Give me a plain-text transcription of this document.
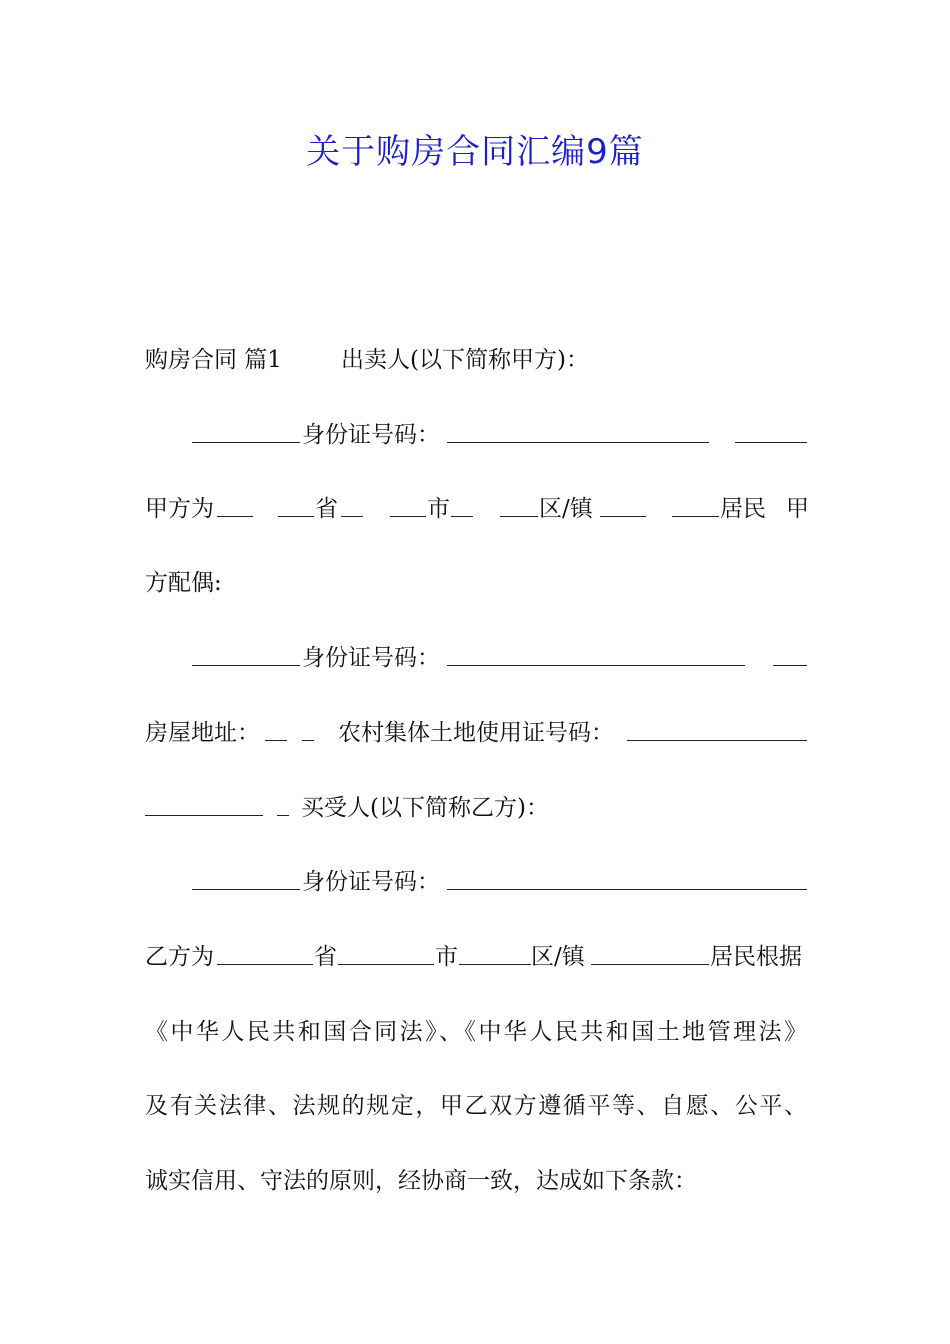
关于购房合同汇编9篇
购房合同 篇1	出卖人(以下简称甲方)：
身份证号码：
甲方为	省	市	区/镇	居民 甲
方配偶:
身份证号码：
房屋地址：	农村集体土地使用证号码：
买受人(以下简称乙方)：
身份证号码：
乙方为	省	市	区/镇	居民根据
《中华人民共和国合同法》、《中华人民共和国土地管理法》
及有关法律、法规的规定，甲乙双方遵循平等、自愿、公平、
诚实信用、守法的原则，经协商一致，达成如下条款：
